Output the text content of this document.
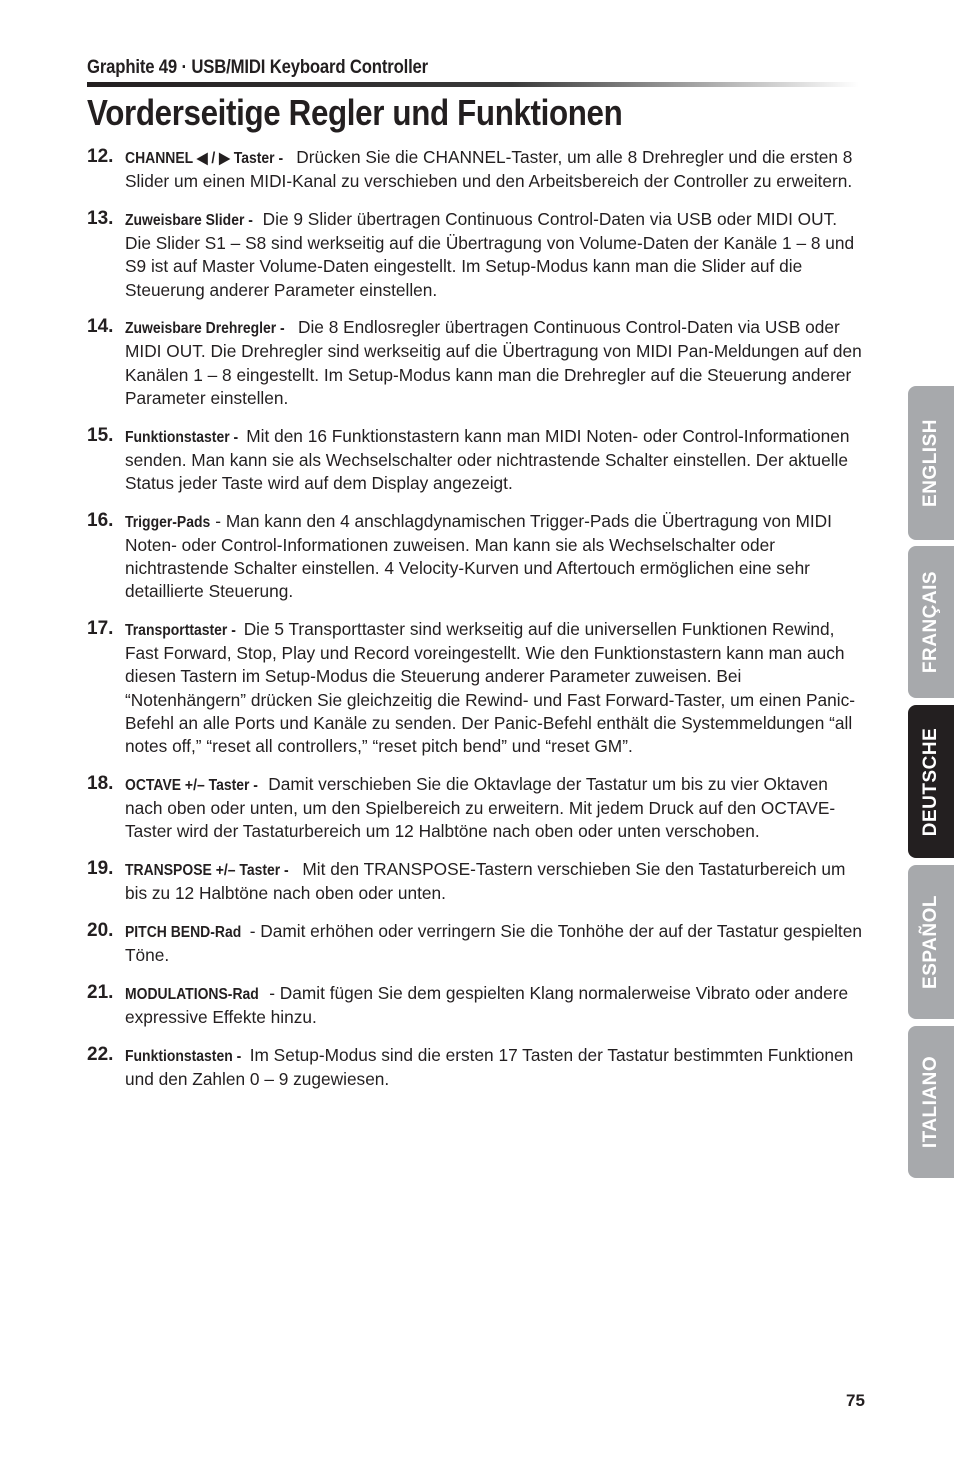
Graphite 49 · USB/MIDI Keyboard Controller
Vorderseitige Regler und Funktionen
12. CHANNEL ◀ / ▶ Taster - Drücken Sie die CHANNEL-Taster, um alle 8 Drehregler und die ersten 8 Slider um einen MIDI-Kanal zu verschieben und den Arbeitsbereich der Controller zu erweitern.
13. Zuweisbare Slider - Die 9 Slider übertragen Continuous Control-Daten via USB oder MIDI OUT. Die Slider S1 – S8 sind werkseitig auf die Übertragung von Volume-Daten der Kanäle 1 – 8 und S9 ist auf Master Volume-Daten eingestellt. Im Setup-Modus kann man die Slider auf die Steuerung anderer Parameter einstellen.
14. Zuweisbare Drehregler - Die 8 Endlosregler übertragen Continuous Control-Daten via USB oder MIDI OUT. Die Drehregler sind werkseitig auf die Übertragung von MIDI Pan-Meldungen auf den Kanälen 1 – 8 eingestellt. Im Setup-Modus kann man die Drehregler auf die Steuerung anderer Parameter einstellen.
15. Funktionstaster - Mit den 16 Funktionstastern kann man MIDI Noten- oder Control-Informationen senden. Man kann sie als Wechselschalter oder nichtrastende Schalter einstellen. Der aktuelle Status jeder Taste wird auf dem Display angezeigt.
16. Trigger-Pads - Man kann den 4 anschlagdynamischen Trigger-Pads die Übertragung von MIDI Noten- oder Control-Informationen zuweisen. Man kann sie als Wechselschalter oder nichtrastende Schalter einstellen. 4 Velocity-Kurven und Aftertouch ermöglichen eine sehr detaillierte Steuerung.
17. Transporttaster - Die 5 Transporttaster sind werkseitig auf die universellen Funktionen Rewind, Fast Forward, Stop, Play und Record voreingestellt. Wie den Funktionstastern kann man auch diesen Tastern im Setup-Modus die Steuerung anderer Parameter zuweisen. Bei “Notenhängern” drücken Sie gleichzeitig die Rewind- und Fast Forward-Taster, um einen Panic-Befehl an alle Ports und Kanäle zu senden. Der Panic-Befehl enthält die Systemmeldungen “all notes off,” “reset all controllers,” “reset pitch bend” und “reset GM”.
18. OCTAVE +/– Taster - Damit verschieben Sie die Oktavlage der Tastatur um bis zu vier Oktaven nach oben oder unten, um den Spielbereich zu erweitern. Mit jedem Druck auf den OCTAVE-Taster wird der Tastaturbereich um 12 Halbtöne nach oben oder unten verschoben.
19. TRANSPOSE +/– Taster - Mit den TRANSPOSE-Tastern verschieben Sie den Tastaturbereich um bis zu 12 Halbtöne nach oben oder unten.
20. PITCH BEND-Rad - Damit erhöhen oder verringern Sie die Tonhöhe der auf der Tastatur gespielten Töne.
21. MODULATIONS-Rad - Damit fügen Sie dem gespielten Klang normalerweise Vibrato oder andere expressive Effekte hinzu.
22. Funktionstasten - Im Setup-Modus sind die ersten 17 Tasten der Tastatur bestimmten Funktionen und den Zahlen 0 – 9 zugewiesen.
ENGLISH
FRANÇAIS
DEUTSCHE
ESPAÑOL
ITALIANO
75
